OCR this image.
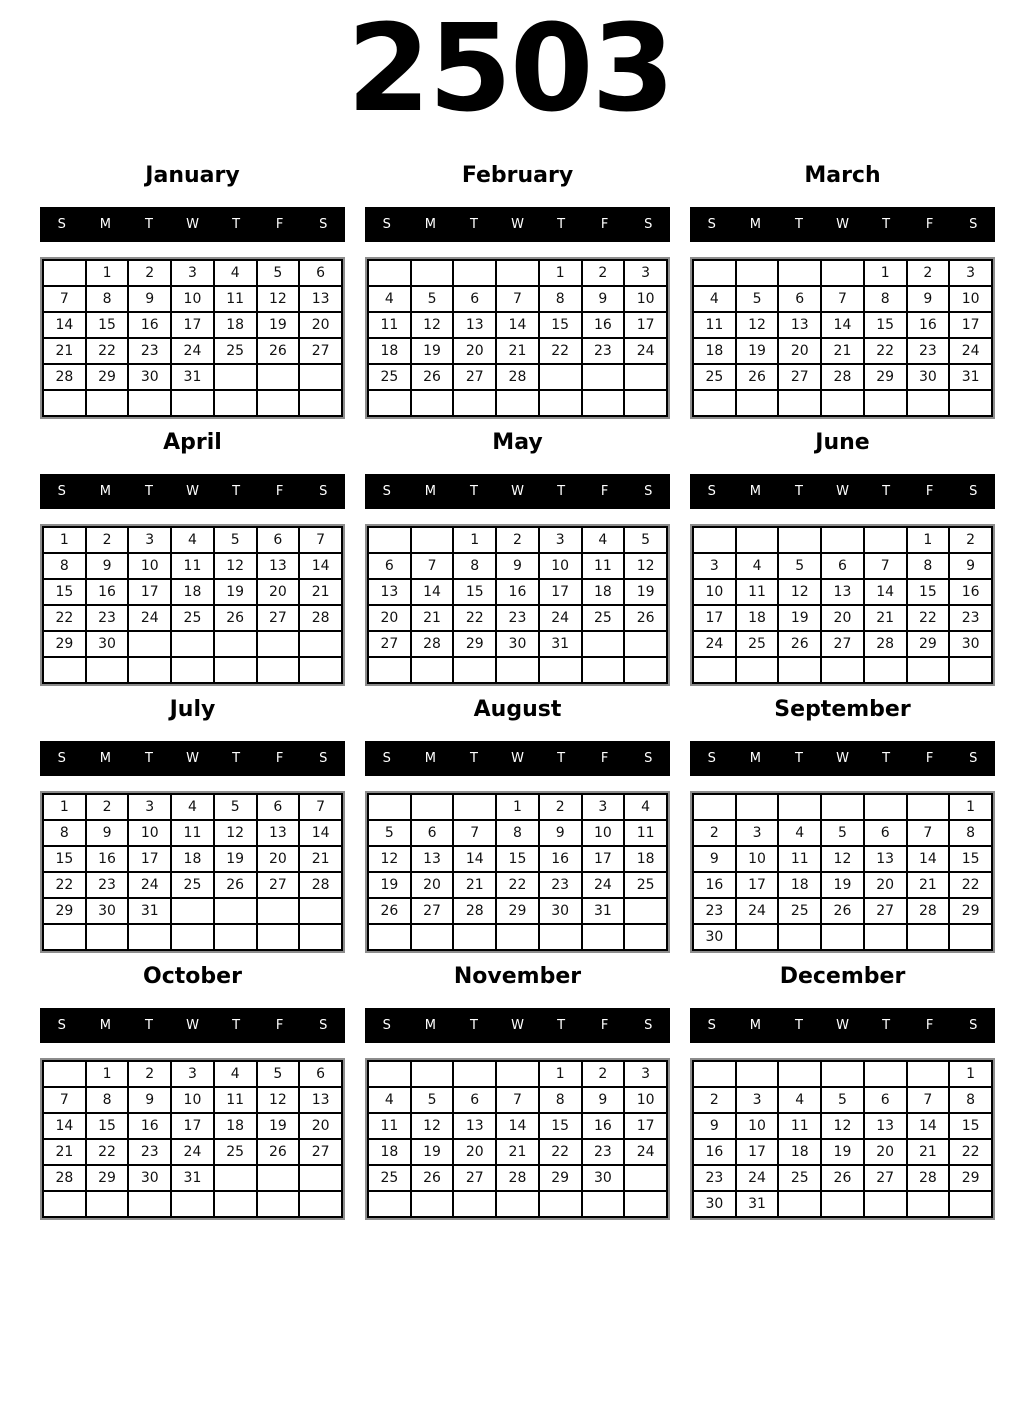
2503
January
S	M	T	W	T	F	S
	1	2	3	4	5	6
7	8	9	10	11	12	13
14	15	16	17	18	19	20
21	22	23	24	25	26	27
28	29	30	31			

February
S	M	T	W	T	F	S
				1	2	3
4	5	6	7	8	9	10
11	12	13	14	15	16	17
18	19	20	21	22	23	24
25	26	27	28			

March
S	M	T	W	T	F	S
				1	2	3
4	5	6	7	8	9	10
11	12	13	14	15	16	17
18	19	20	21	22	23	24
25	26	27	28	29	30	31

April
S	M	T	W	T	F	S
1	2	3	4	5	6	7
8	9	10	11	12	13	14
15	16	17	18	19	20	21
22	23	24	25	26	27	28
29	30					

May
S	M	T	W	T	F	S
		1	2	3	4	5
6	7	8	9	10	11	12
13	14	15	16	17	18	19
20	21	22	23	24	25	26
27	28	29	30	31		

June
S	M	T	W	T	F	S
					1	2
3	4	5	6	7	8	9
10	11	12	13	14	15	16
17	18	19	20	21	22	23
24	25	26	27	28	29	30

July
S	M	T	W	T	F	S
1	2	3	4	5	6	7
8	9	10	11	12	13	14
15	16	17	18	19	20	21
22	23	24	25	26	27	28
29	30	31				

August
S	M	T	W	T	F	S
			1	2	3	4
5	6	7	8	9	10	11
12	13	14	15	16	17	18
19	20	21	22	23	24	25
26	27	28	29	30	31	

September
S	M	T	W	T	F	S
						1
2	3	4	5	6	7	8
9	10	11	12	13	14	15
16	17	18	19	20	21	22
23	24	25	26	27	28	29
30						
October
S	M	T	W	T	F	S
	1	2	3	4	5	6
7	8	9	10	11	12	13
14	15	16	17	18	19	20
21	22	23	24	25	26	27
28	29	30	31			

November
S	M	T	W	T	F	S
				1	2	3
4	5	6	7	8	9	10
11	12	13	14	15	16	17
18	19	20	21	22	23	24
25	26	27	28	29	30	

December
S	M	T	W	T	F	S
						1
2	3	4	5	6	7	8
9	10	11	12	13	14	15
16	17	18	19	20	21	22
23	24	25	26	27	28	29
30	31					
